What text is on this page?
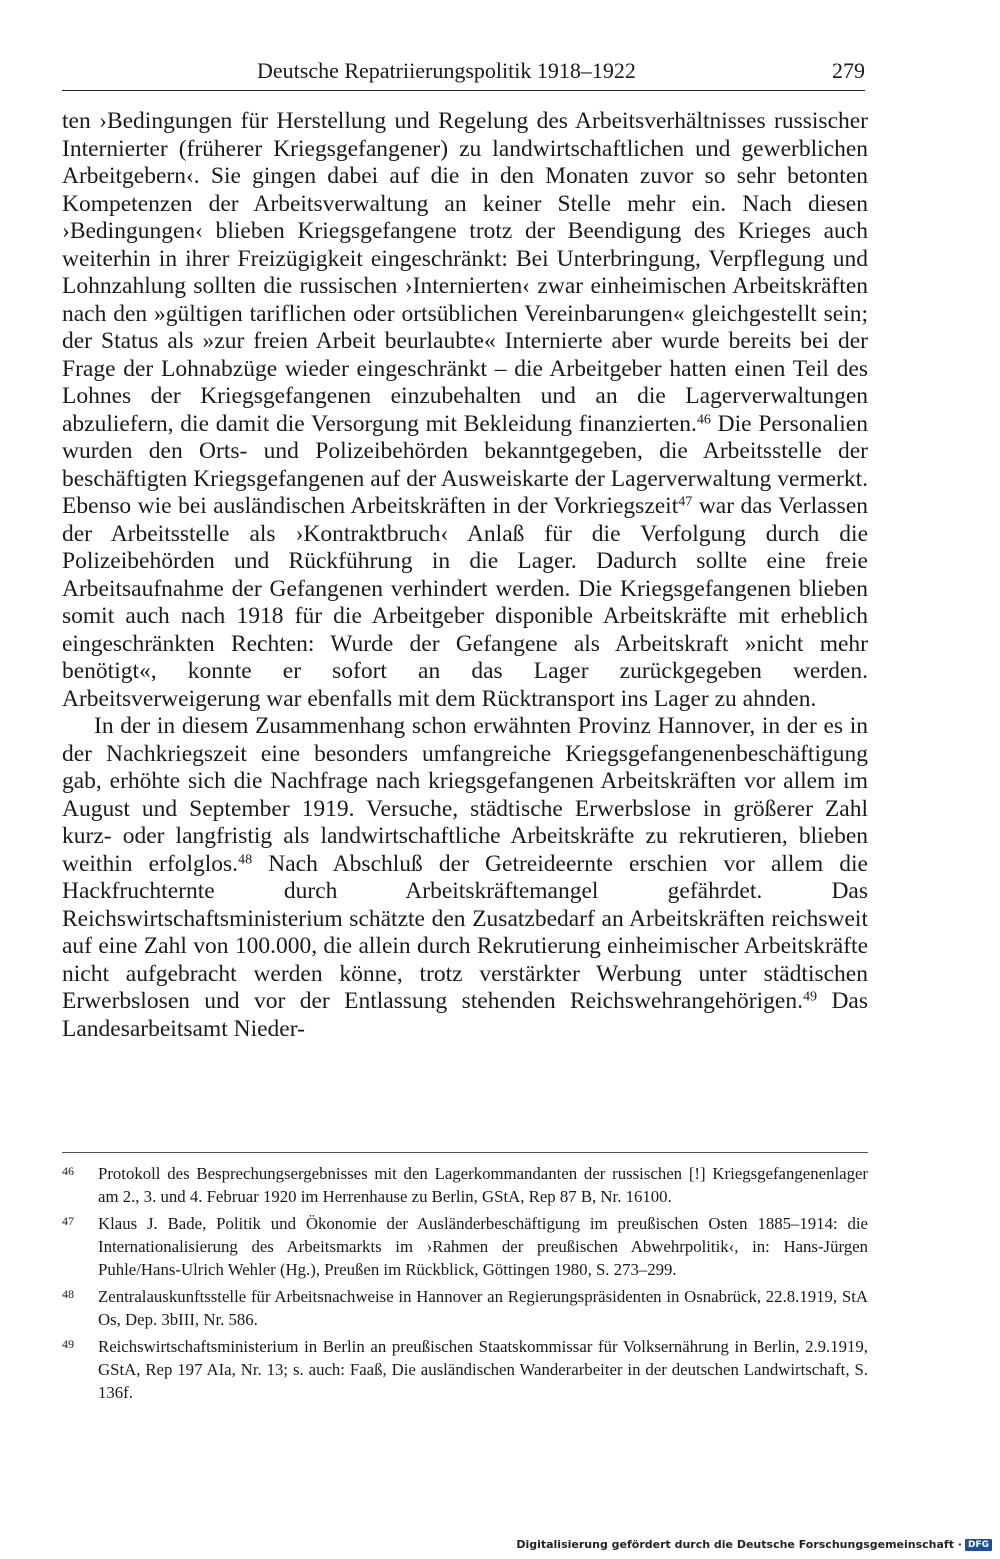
Deutsche Repatriierungspolitik 1918–1922	279

ten ›Bedingungen für Herstellung und Regelung des Arbeitsverhältnisses russischer Internierter (früherer Kriegsgefangener) zu landwirtschaftlichen und gewerblichen Arbeitgebern‹. Sie gingen dabei auf die in den Monaten zuvor so sehr betonten Kompetenzen der Arbeitsverwaltung an keiner Stelle mehr ein. Nach diesen ›Bedingungen‹ blieben Kriegsgefangene trotz der Beendigung des Krieges auch weiterhin in ihrer Freizügigkeit eingeschränkt: Bei Unterbringung, Verpflegung und Lohnzahlung sollten die russischen ›Internierten‹ zwar einheimischen Arbeitskräften nach den »gültigen tariflichen oder ortsüblichen Vereinbarungen« gleichgestellt sein; der Status als »zur freien Arbeit beurlaubte« Internierte aber wurde bereits bei der Frage der Lohnabzüge wieder eingeschränkt – die Arbeitgeber hatten einen Teil des Lohnes der Kriegsgefangenen einzubehalten und an die Lagerverwaltungen abzuliefern, die damit die Versorgung mit Bekleidung finanzierten.$^{46}$ Die Personalien wurden den Orts- und Polizeibehörden bekanntgegeben, die Arbeitsstelle der beschäftigten Kriegsgefangenen auf der Ausweiskarte der Lagerverwaltung vermerkt. Ebenso wie bei ausländischen Arbeitskräften in der Vorkriegszeit$^{47}$ war das Verlassen der Arbeitsstelle als ›Kontraktbruch‹ Anlaß für die Verfolgung durch die Polizeibehörden und Rückführung in die Lager. Dadurch sollte eine freie Arbeitsaufnahme der Gefangenen verhindert werden. Die Kriegsgefangenen blieben somit auch nach 1918 für die Arbeitgeber disponible Arbeitskräfte mit erheblich eingeschränkten Rechten: Wurde der Gefangene als Arbeitskraft »nicht mehr benötigt«, konnte er sofort an das Lager zurückgegeben werden. Arbeitsverweigerung war ebenfalls mit dem Rücktransport ins Lager zu ahnden.

In der in diesem Zusammenhang schon erwähnten Provinz Hannover, in der es in der Nachkriegszeit eine besonders umfangreiche Kriegsgefangenenbeschäftigung gab, erhöhte sich die Nachfrage nach kriegsgefangenen Arbeitskräften vor allem im August und September 1919. Versuche, städtische Erwerbslose in größerer Zahl kurz- oder langfristig als landwirtschaftliche Arbeitskräfte zu rekrutieren, blieben weithin erfolglos.$^{48}$ Nach Abschluß der Getreideernte erschien vor allem die Hackfruchternte durch Arbeitskräftemangel gefährdet. Das Reichswirtschaftsministerium schätzte den Zusatzbedarf an Arbeitskräften reichsweit auf eine Zahl von 100.000, die allein durch Rekrutierung einheimischer Arbeitskräfte nicht aufgebracht werden könne, trotz verstärkter Werbung unter städtischen Erwerbslosen und vor der Entlassung stehenden Reichswehrangehörigen.$^{49}$ Das Landesarbeitsamt Nieder-

46 Protokoll des Besprechungsergebnisses mit den Lagerkommandanten der russischen [!] Kriegsgefangenenlager am 2., 3. und 4. Februar 1920 im Herrenhause zu Berlin, GStA, Rep 87 B, Nr. 16100.
47 Klaus J. Bade, Politik und Ökonomie der Ausländerbeschäftigung im preußischen Osten 1885–1914: die Internationalisierung des Arbeitsmarkts im ›Rahmen der preußischen Abwehrpolitik‹, in: Hans-Jürgen Puhle/Hans-Ulrich Wehler (Hg.), Preußen im Rückblick, Göttingen 1980, S. 273–299.
48 Zentralauskunftsstelle für Arbeitsnachweise in Hannover an Regierungspräsidenten in Osnabrück, 22.8.1919, StA Os, Dep. 3bIII, Nr. 586.
49 Reichswirtschaftsministerium in Berlin an preußischen Staatskommissar für Volksernährung in Berlin, 2.9.1919, GStA, Rep 197 AIa, Nr. 13; s. auch: Faaß, Die ausländischen Wanderarbeiter in der deutschen Landwirtschaft, S. 136f.
Digitalisierung gefördert durch die Deutsche Forschungsgemeinschaft · DFG
